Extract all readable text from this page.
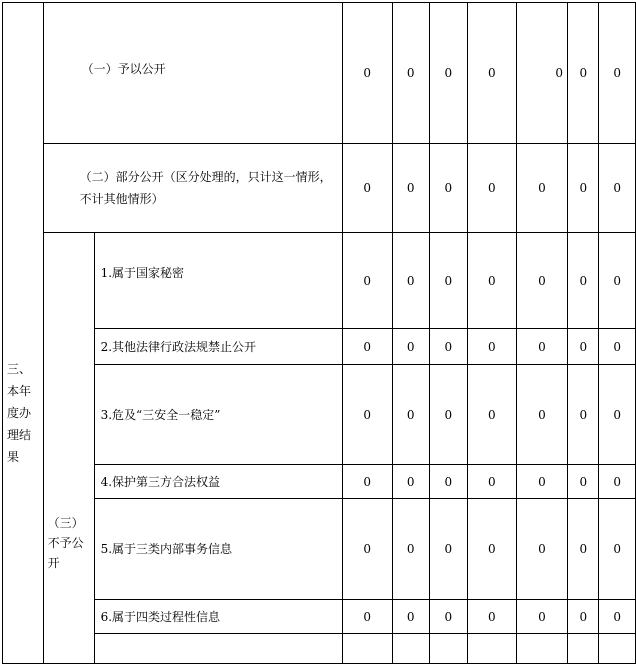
三、本年度办理结果	（一）予以公开		0	0	0	0	0	0	0

	（二）部分公开（区分处理的，只计这一情形，不计其他情形）		0	0	0	0	0	0	0

	（三）不予公开	1.属于国家秘密	0	0	0	0	0	0	0

		2.其他法律行政法规禁止公开	0	0	0	0	0	0	0

		3.危及“三安全一稳定”	0	0	0	0	0	0	0

		4.保护第三方合法权益	0	0	0	0	0	0	0

		5.属于三类内部事务信息	0	0	0	0	0	0	0

		6.属于四类过程性信息	0	0	0	0	0	0	0
